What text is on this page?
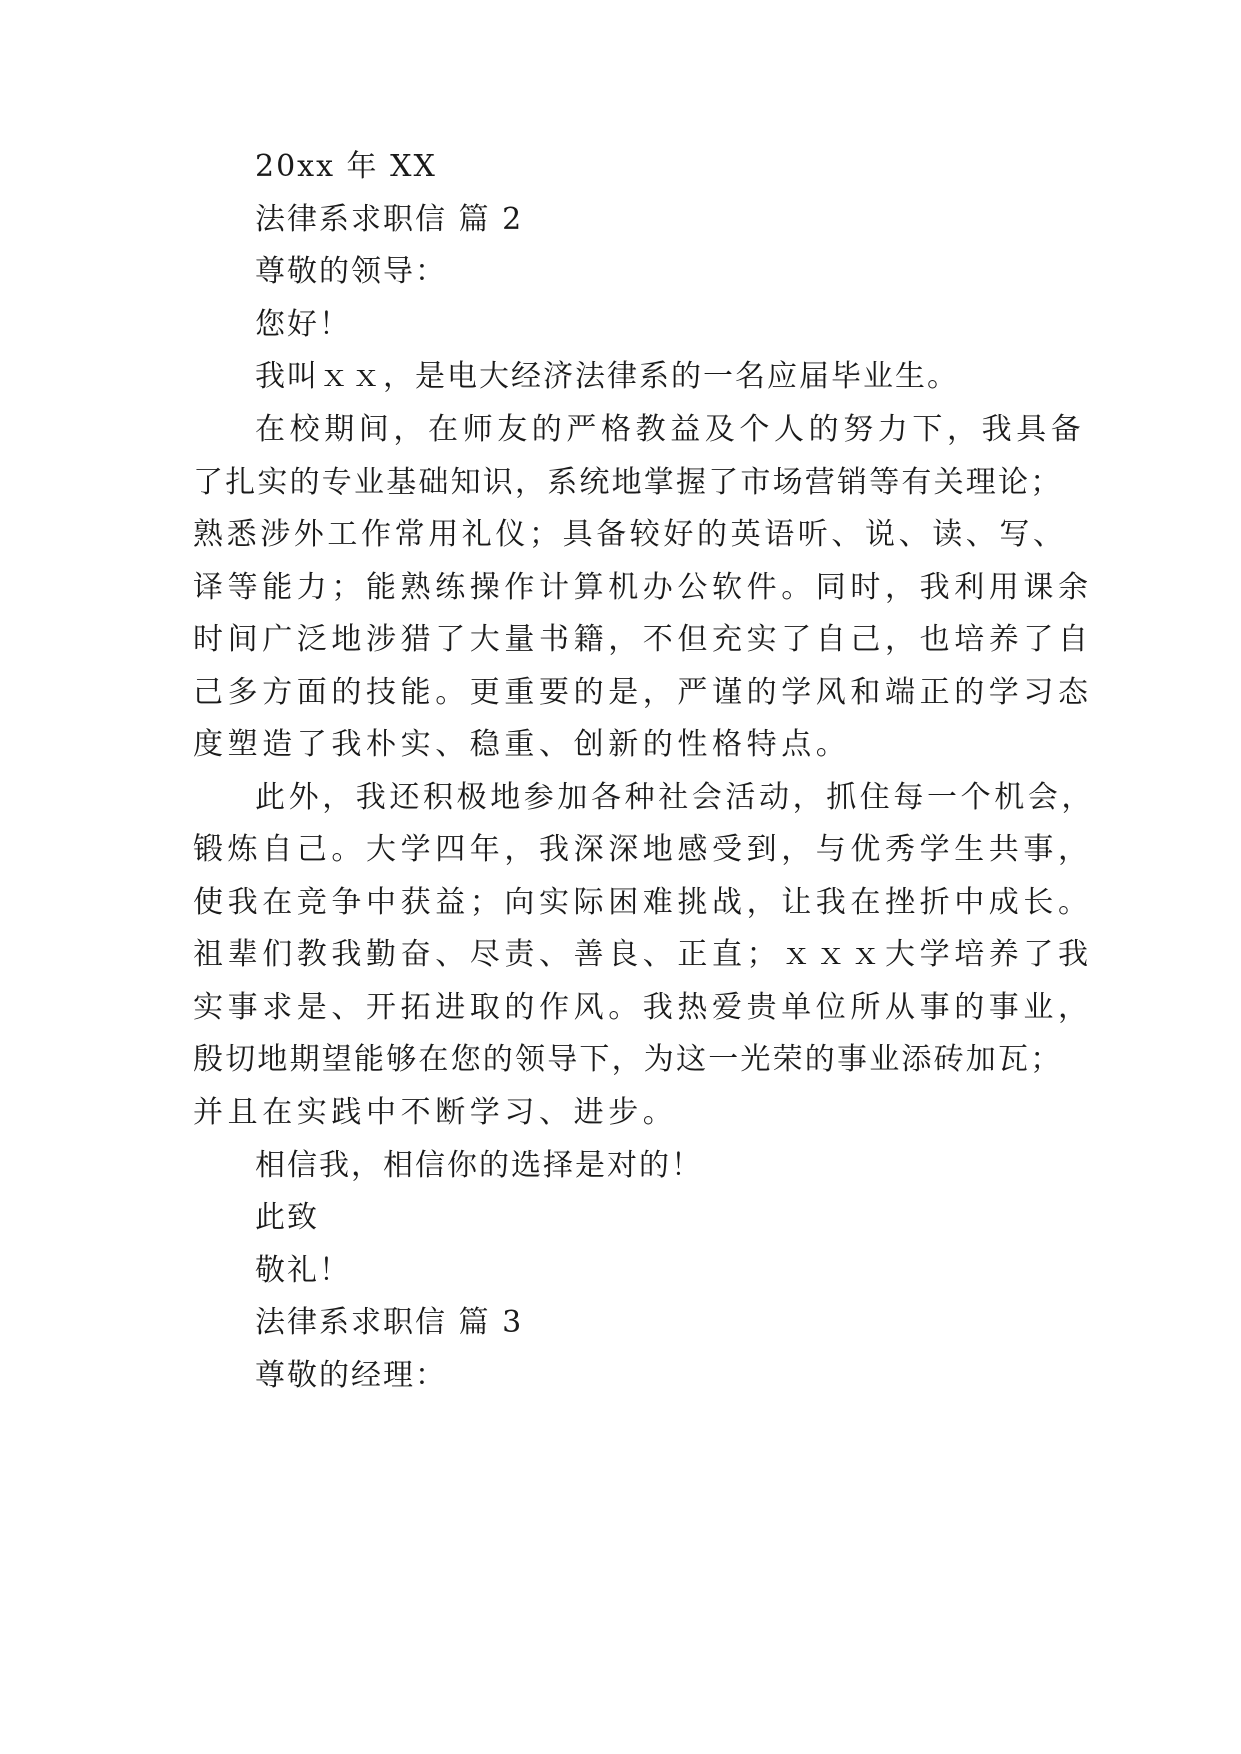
20xx 年 XX
法律系求职信 篇 2
尊敬的领导：
您好！
我叫ｘｘ，是电大经济法律系的一名应届毕业生。
在校期间，在师友的严格教益及个人的努力下，我具备
了扎实的专业基础知识，系统地掌握了市场营销等有关理论；
熟悉涉外工作常用礼仪；具备较好的英语听、说、读、写、
译等能力；能熟练操作计算机办公软件。同时，我利用课余
时间广泛地涉猎了大量书籍，不但充实了自己，也培养了自
己多方面的技能。更重要的是，严谨的学风和端正的学习态
度塑造了我朴实、稳重、创新的性格特点。
此外，我还积极地参加各种社会活动，抓住每一个机会，
锻炼自己。大学四年，我深深地感受到，与优秀学生共事，
使我在竞争中获益；向实际困难挑战，让我在挫折中成长。
祖辈们教我勤奋、尽责、善良、正直；ｘｘｘ大学培养了我
实事求是、开拓进取的作风。我热爱贵单位所从事的事业，
殷切地期望能够在您的领导下，为这一光荣的事业添砖加瓦；
并且在实践中不断学习、进步。
相信我，相信你的选择是对的！
此致
敬礼！
法律系求职信 篇 3
尊敬的经理：
